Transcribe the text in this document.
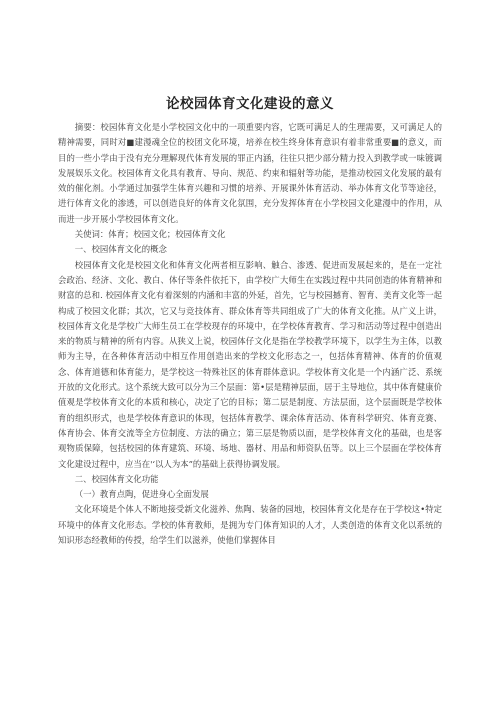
论校园体育文化建设的意义

摘要：校园体育文化是小学校园文化中的一项重要内容，它既可满足人的生理需要，又可满足人的精神需要，同时对■建漫魂全位的校团文化环境，培养在校生终身体育意识有着非常重要■的意义，而目的一些小学由于没有充分理解现代体育发展的罪正内涵，往往只把少部分精力投入到教学或一味镀调发展娱乐文化。校园体育文化具有教育、导向、规范、约束和辐射等功能，是推动校园文化发展的最有效的催化剂。小学通过加强学生体育兴趣和习惯的培养、开展课外体育活动、举办体育文化节等途径，进行体育文化的渗透，可以创造良好的体育文化氛围，充分发挥体育在小学校园文化建漫中的作用，从而进一步开展小学校园体育文化。

关使词：体育；校园文化；校园体育文化

一、校园体育文化的概念

校园体育文化是校园文化和体育文化两者相互影响、触合、渗透、促进而发展起来的，是在一定社会政治、经济、文化、教白、体仔等条件依托下，由学校广大师生在实践过程中共同创造的体育精神和财富的总和. 校园体育文化有着深刻的内涵和丰富的外延，首先，它与校园撼育、智育、美育文化等一起构成了校园文化群；其次，它又与竞技体育、群众体育等共同组成了广大的体育文化推。从广义上讲，校园体育文化是学校广大师生员工在学校现存的环境中，在学校体育教育、学习和活动等过程中创造出来的物质与精神的所有内容。从狭义上说，校园体仔文化是指在学校教学环境下，以学生为主体，以教师为主导，在各种体育活动中相互作用创造出来的学校文化形态之一，包括体育精神、体育的价值观念、体育道德和体育能力，是学校这一特殊社区的体育群体意识。学校体育文化是一个内涵广泛、系统开放的文化形式。这个系统大致可以分为三个层面：第•层是精神层面，居于主导地位，其中体育健康价值观是学校体育文化的本质和核心，决定了它的目标；第二层是制度、方法层面，这个层面既是学校体育的组织形式，也是学校体育意识的体现，包括体育教学、课余体育活动、体育科学研究、体育竞赛、体育协会、体育交流等全方位制度、方法的确立；第三层是物质以面，是学校体育文化的基础，也是客观物质保障，包括校园的体育建筑、环境、场地、器材、用品和师资队伍等。以上三个层面在学校体育文化建设过程中，应当在'‘以人为本”的基础上获得协调发展。

二、校园体育文化功能

（一）教育点陶，促进身心全面发展

文化环境是个体人不断地接受新文化滋养、焦陶、装备的园地，校园体育文化是存在于学校这•特定环境中的体育文化形态。学校的体育教师，是拥为专门体育知识的人才，人类创造的体育文化以系统的知识形态经教师的传授，给学生们以滋养，使他们掌握体目
